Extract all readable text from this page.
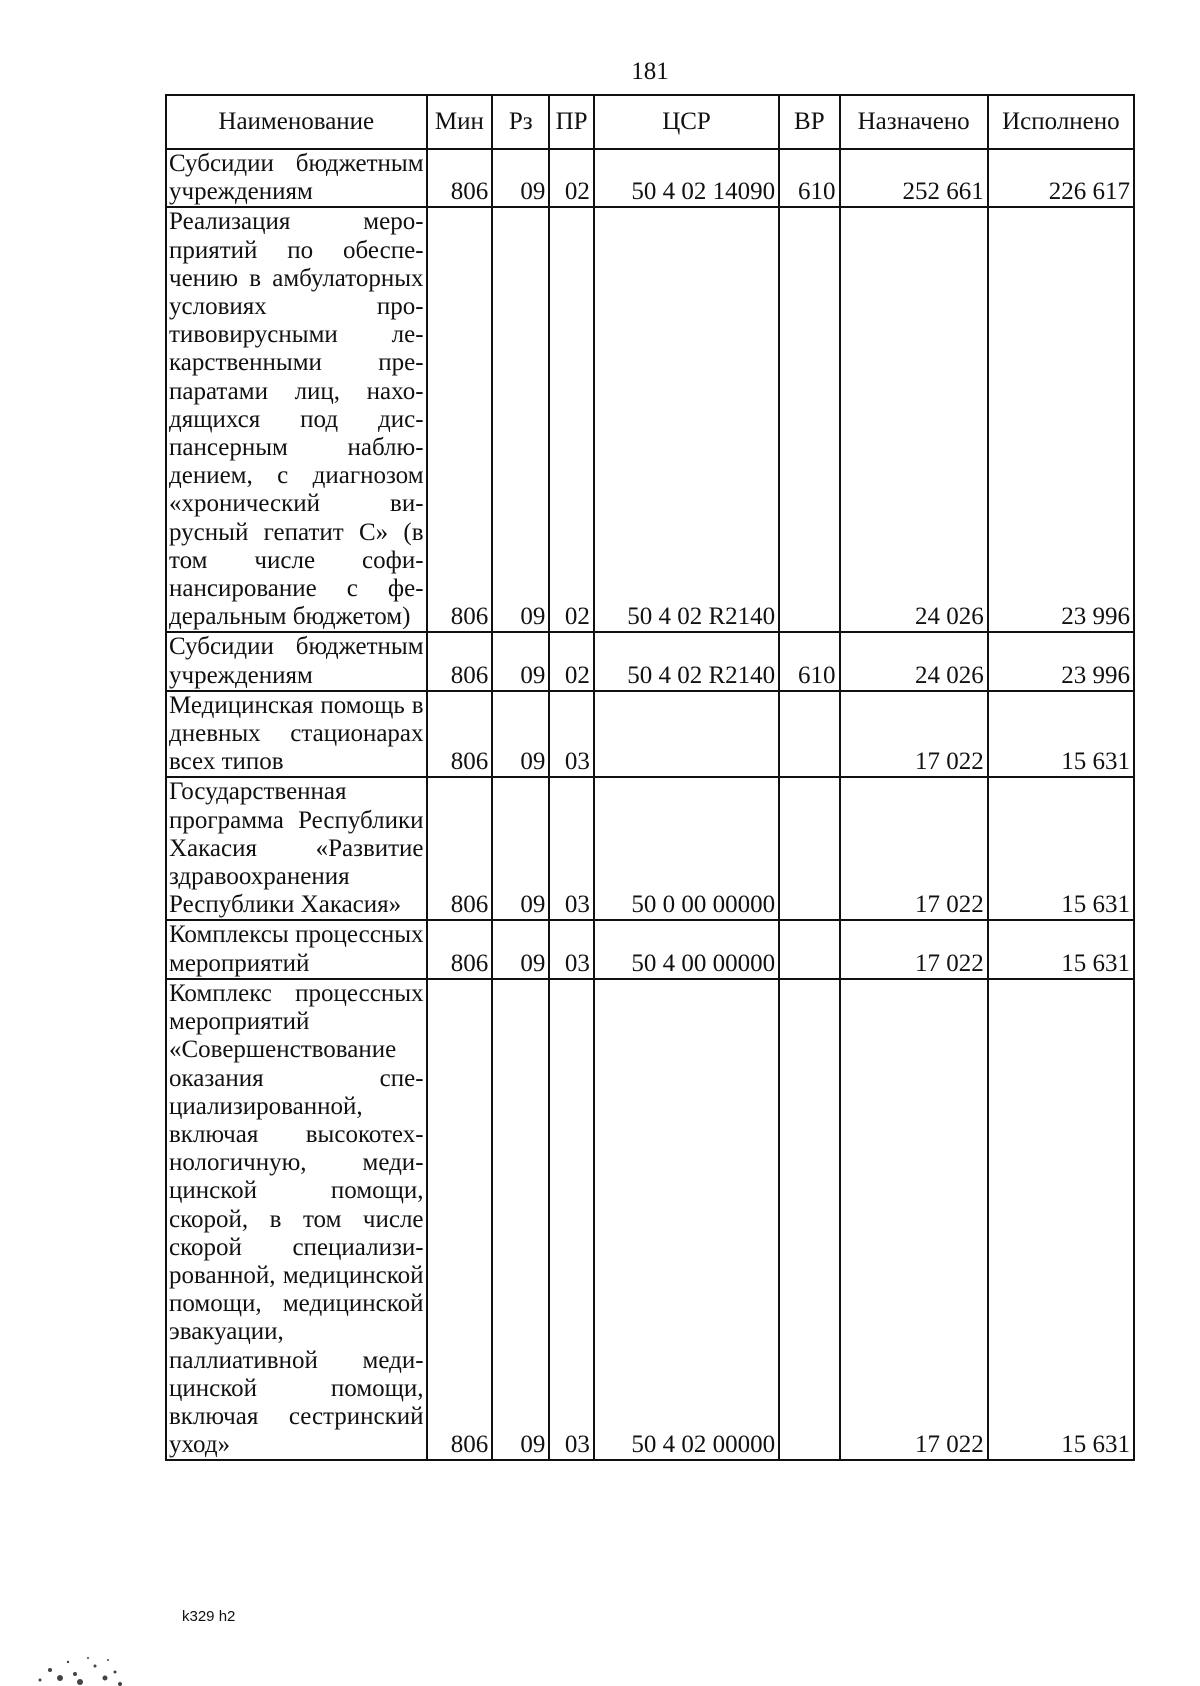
181
Наименование	Мин	Рз	ПР	ЦСР	ВР	Назначено	Исполнено
Субсидии бюджетным учреждениям	806	09	02	50 4 02 14090	610	252 661	226 617
Реализация мероприятий по обеспечению в амбулаторных условиях противовирусными лекарственными препаратами лиц, находящихся под диспансерным наблюдением, с диагнозом «хронический вирусный гепатит С» (в том числе софинансирование с федеральным бюджетом)	806	09	02	50 4 02 R2140		24 026	23 996
Субсидии бюджетным учреждениям	806	09	02	50 4 02 R2140	610	24 026	23 996
Медицинская помощь в дневных стационарах всех типов	806	09	03			17 022	15 631
Государственная программа Республики Хакасия «Развитие здравоохранения Республики Хакасия»	806	09	03	50 0 00 00000		17 022	15 631
Комплексы процессных мероприятий	806	09	03	50 4 00 00000		17 022	15 631
Комплекс процессных мероприятий «Совершенствование оказания специализированной, включая высокотехнологичную, медицинской помощи, скорой, в том числе скорой специализированной, медицинской помощи, медицинской эвакуации, паллиативной медицинской помощи, включая сестринский уход»	806	09	03	50 4 02 00000		17 022	15 631
k329 h2
